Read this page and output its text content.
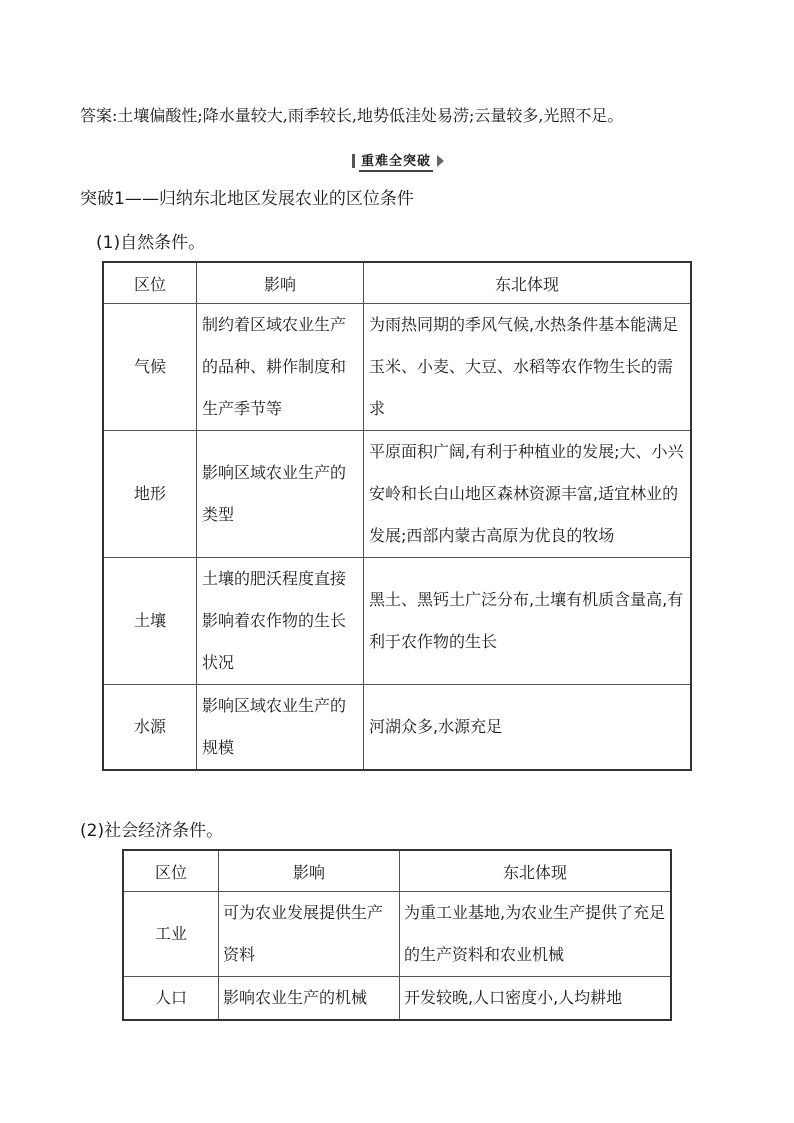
答案:土壤偏酸性;降水量较大,雨季较长,地势低洼处易涝;云量较多,光照不足。
重难全突破
突破1——归纳东北地区发展农业的区位条件
(1)自然条件。
区位	影响	东北体现
气候	制约着区域农业生产的品种、耕作制度和生产季节等	为雨热同期的季风气候,水热条件基本能满足玉米、小麦、大豆、水稻等农作物生长的需求
地形	影响区域农业生产的类型	平原面积广阔,有利于种植业的发展;大、小兴安岭和长白山地区森林资源丰富,适宜林业的发展;西部内蒙古高原为优良的牧场
土壤	土壤的肥沃程度直接影响着农作物的生长状况	黑土、黑钙土广泛分布,土壤有机质含量高,有利于农作物的生长
水源	影响区域农业生产的规模	河湖众多,水源充足
(2)社会经济条件。
区位	影响	东北体现
工业	可为农业发展提供生产资料	为重工业基地,为农业生产提供了充足的生产资料和农业机械
人口	影响农业生产的机械	开发较晚,人口密度小,人均耕地
